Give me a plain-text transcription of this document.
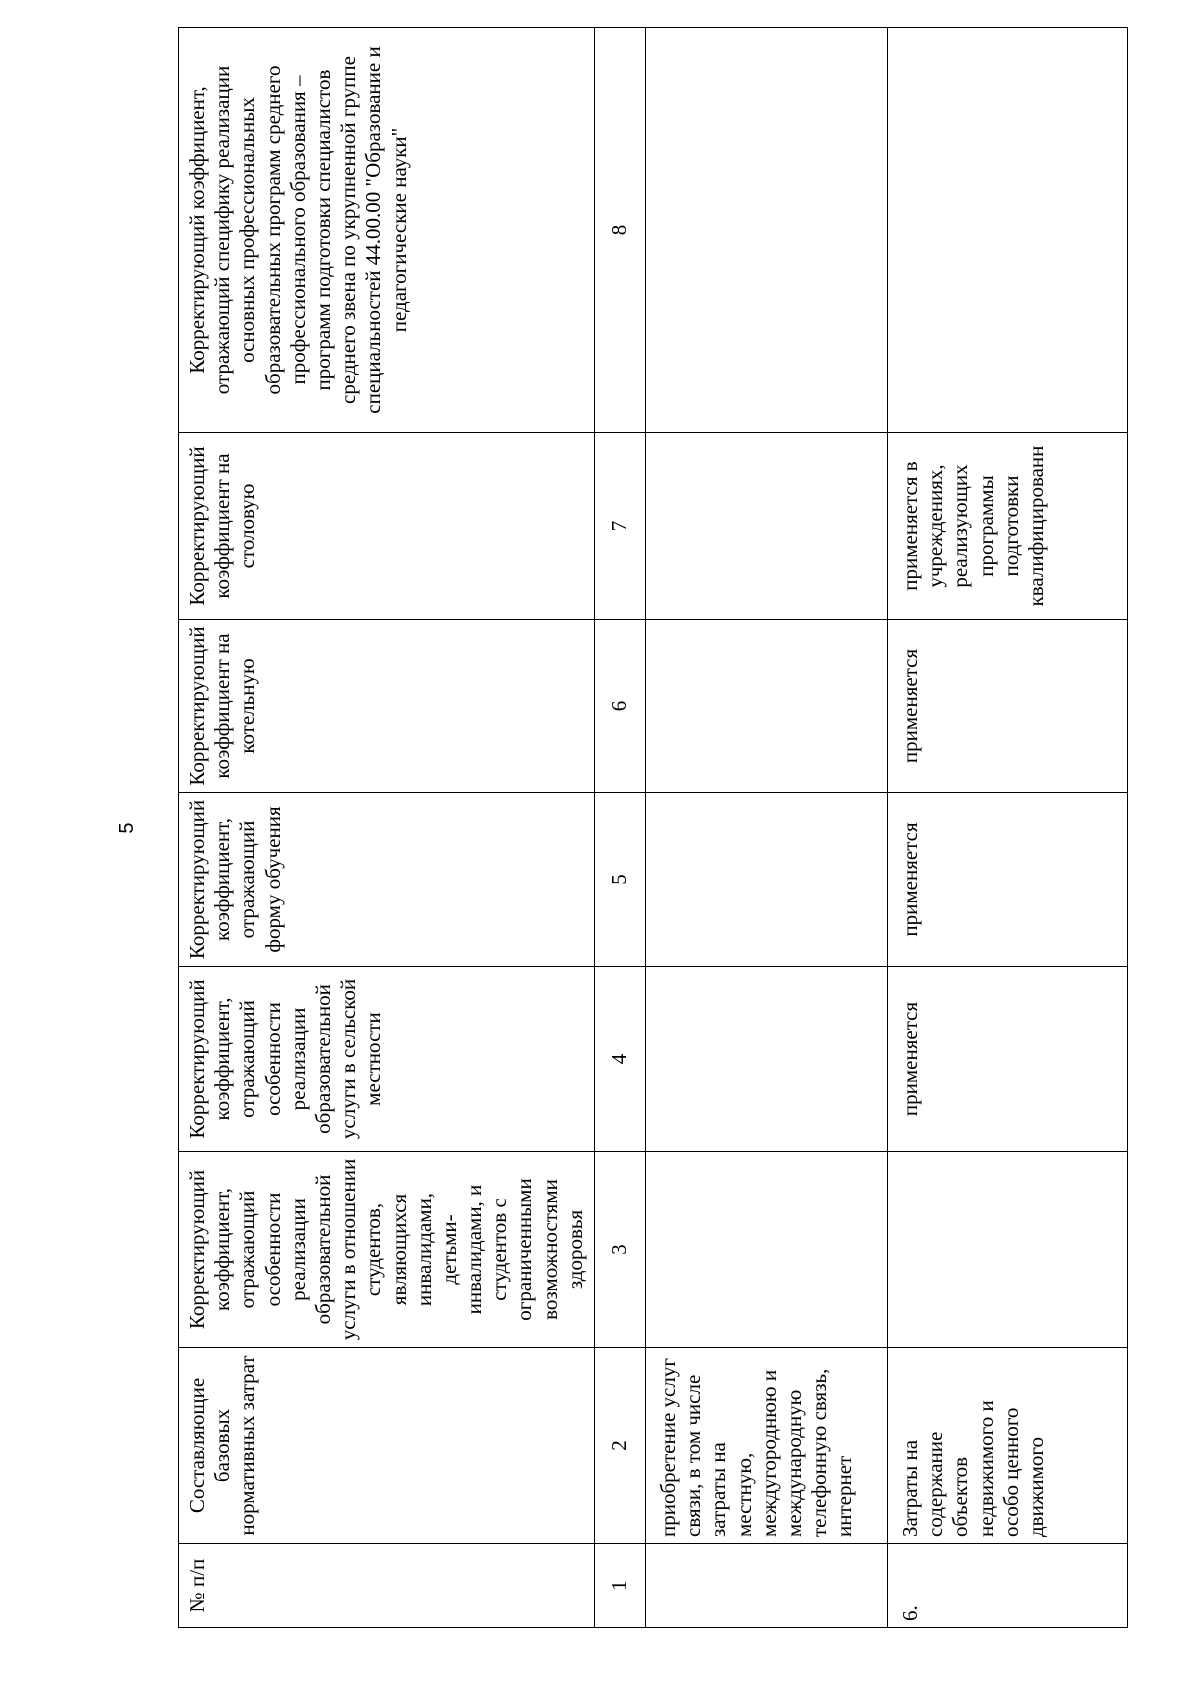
5
№ п/п	Составляющие базовых нормативных затрат	Корректирующий коэффициент, отражающий особенности реализации образовательной услуги в отношении студентов, являющихся инвалидами, детьми-инвалидами, и студентов с ограниченными возможностями здоровья	Корректирующий коэффициент, отражающий особенности реализации образовательной услуги в сельской местности	Корректирующий коэффициент, отражающий форму обучения	Корректирующий коэффициент на котельную	Корректирующий коэффициент на столовую	Корректирующий коэффициент, отражающий специфику реализации основных профессиональных образовательных программ среднего профессионального образования – программ подготовки специалистов среднего звена по укрупненной группе специальностей 44.00.00 "Образование и педагогические науки"
1	2	3	4	5	6	7	8
	приобретение услуг связи, в том числе затраты на местную, междугороднюю и международную телефонную связь, интернет						
6.	Затраты на содержание объектов недвижимого и особо ценного движимого		применяется	применяется	применяется	применяется в учреждениях, реализующих программы подготовки квалифицированн	
